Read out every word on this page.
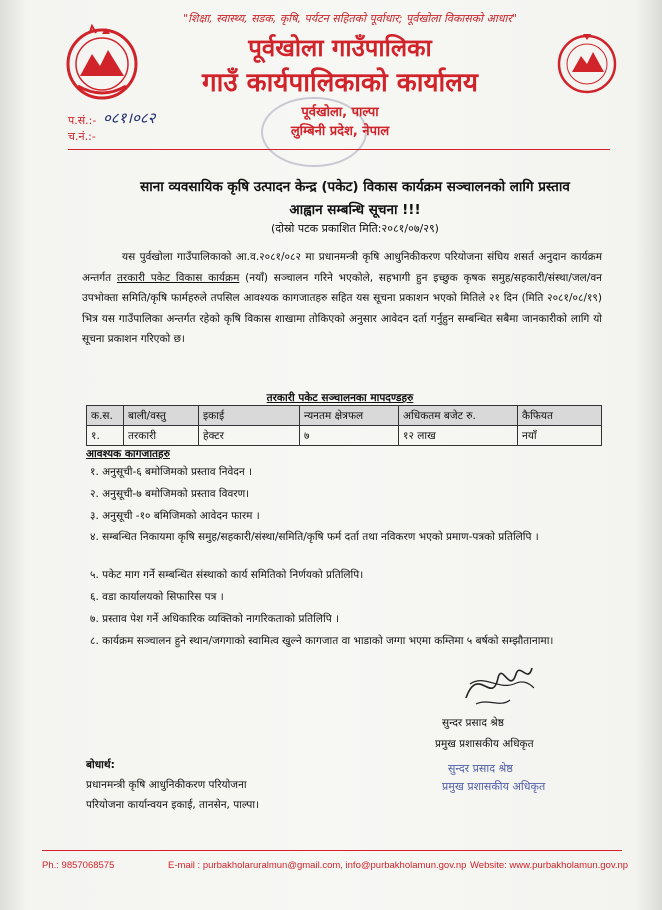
"शिक्षा, स्वास्थ्य, सडक, कृषि, पर्यटन सहितको पूर्वाधार; पूर्वखोला विकासको आधार"
पूर्वखोला गाउँपालिका
गाउँ कार्यपालिकाको कार्यालय
पूर्वखोला, पाल्पा
लुम्बिनी प्रदेश, नेपाल
प.सं.:- ०८१।०८२
च.नं.:-
साना व्यवसायिक कृषि उत्पादन केन्द्र (पकेट) विकास कार्यक्रम सञ्चालनको लागि प्रस्ताव
आह्वान सम्बन्धि सूचना !!!
(दोस्रो पटक प्रकाशित मिति:२०८१/०७/२९)
यस पुर्वखोला गाउँपालिकाको आ.व.२०८१/०८२ मा प्रधानमन्त्री कृषि आधुनिकीकरण परियोजना संघिय शसर्त अनुदान कार्यक्रम अन्तर्गत तरकारी पकेट विकास कार्यक्रम (नयाँ) सञ्चालन गरिने भएकोले, सहभागी हुन इच्छुक कृषक समुह/सहकारी/संस्था/जल/वन उपभोक्ता समिति/कृषि फार्महरुले तपसिल आवश्यक कागजातहरु सहित यस सूचना प्रकाशन भएको मितिले २१ दिन (मिति २०८१/०८/१९) भित्र यस गाउँपालिका अन्तर्गत रहेको कृषि विकास शाखामा तोकिएको अनुसार आवेदन दर्ता गर्नुहुन सम्बन्धित सबैमा जानकारीको लागि यो सूचना प्रकाशन गरिएको छ।
तरकारी पकेट सञ्चालनका मापदण्डहरु
क.स.	बाली/वस्तु	इकाई	न्यनतम क्षेत्रफल	अधिकतम बजेट रु.	कैफियत
१.	तरकारी	हेक्टर	७	१२ लाख	नयाँ
आवश्यक कागजातहरु
१. अनुसूची-६ बमोजिमको प्रस्ताव निवेदन ।
२. अनुसूची-७ बमोजिमको प्रस्ताव विवरण।
३. अनुसूची -१० बमिजिमको आवेदन फारम ।
४. सम्बन्धित निकायमा कृषि समुह/सहकारी/संस्था/समिति/कृषि फर्म दर्ता तथा नविकरण भएको प्रमाण-पत्रको प्रतिलिपि ।
५. पकेट माग गर्ने सम्बन्धित संस्थाको कार्य समितिको निर्णयको प्रतिलिपि।
६. वडा कार्यालयको सिफारिस पत्र ।
७. प्रस्ताव पेश गर्ने अधिकारिक व्यक्तिको नागरिकताको प्रतिलिपि ।
८. कार्यक्रम सञ्चालन हुने स्थान/जगगाको स्वामित्व खुल्ने कागजात वा भाडाको जग्गा भएमा कम्तिमा ५ बर्षको सम्झौतानामा।
सुन्दर प्रसाद श्रेष्ठ
प्रमुख प्रशासकीय अधिकृत
सुन्दर प्रसाद श्रेष्ठ
प्रमुख प्रशासकीय अधिकृत
बोधार्थ:
प्रधानमन्त्री कृषि आधुनिकीकरण परियोजना
परियोजना कार्यान्वयन इकाई, तानसेन, पाल्पा।
Ph.: 9857068575	E-mail : purbakholaruralmun@gmail.com, info@purbakholamun.gov.np Website: www.purbakholamun.gov.np
